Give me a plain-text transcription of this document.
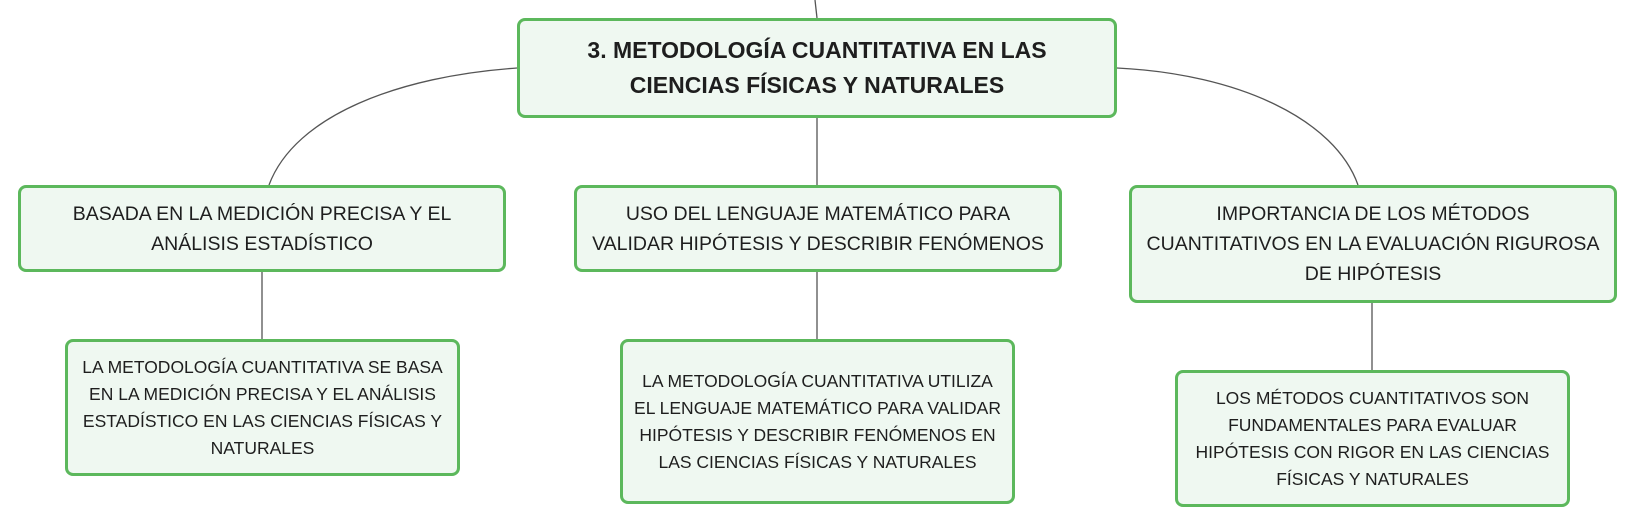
3. METODOLOGÍA CUANTITATIVA EN LAS CIENCIAS FÍSICAS Y NATURALES
BASADA EN LA MEDICIÓN PRECISA Y EL ANÁLISIS ESTADÍSTICO
USO DEL LENGUAJE MATEMÁTICO PARA VALIDAR HIPÓTESIS Y DESCRIBIR FENÓMENOS
IMPORTANCIA DE LOS MÉTODOS CUANTITATIVOS EN LA EVALUACIÓN RIGUROSA DE HIPÓTESIS
LA METODOLOGÍA CUANTITATIVA SE BASA EN LA MEDICIÓN PRECISA Y EL ANÁLISIS ESTADÍSTICO EN LAS CIENCIAS FÍSICAS Y NATURALES
LA METODOLOGÍA CUANTITATIVA UTILIZA EL LENGUAJE MATEMÁTICO PARA VALIDAR HIPÓTESIS Y DESCRIBIR FENÓMENOS EN LAS CIENCIAS FÍSICAS Y NATURALES
LOS MÉTODOS CUANTITATIVOS SON FUNDAMENTALES PARA EVALUAR HIPÓTESIS CON RIGOR EN LAS CIENCIAS FÍSICAS Y NATURALES
